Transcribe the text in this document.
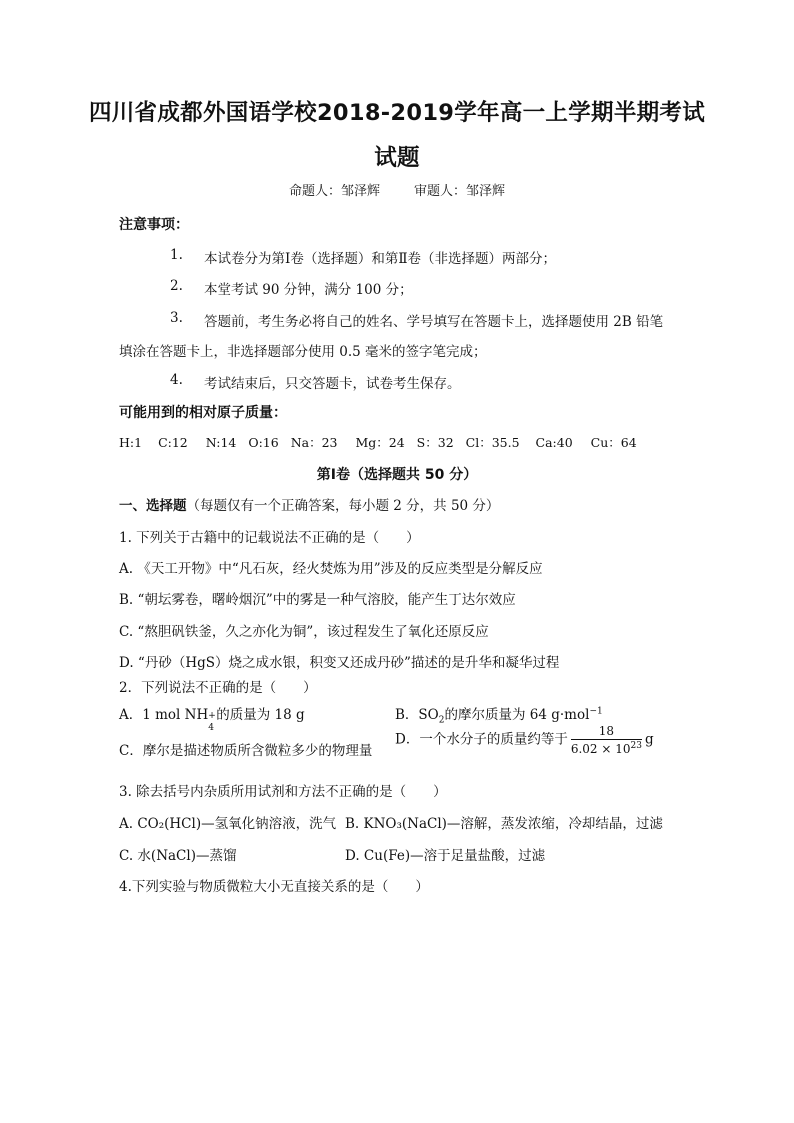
四川省成都外国语学校2018-2019学年高一上学期半期考试
试题
命题人：邹泽辉	审题人：邹泽辉
注意事项：
1. 本试卷分为第Ⅰ卷（选择题）和第Ⅱ卷（非选择题）两部分；
2. 本堂考试 90 分钟，满分 100 分；
3. 答题前，考生务必将自己的姓名、学号填写在答题卡上，选择题使用 2B 铅笔
填涂在答题卡上，非选择题部分使用 0.5 毫米的签字笔完成；
4. 考试结束后，只交答题卡，试卷考生保存。
可能用到的相对原子质量：
H:1 C:12 N:14 O:16 Na：23 Mg：24 S：32 Cl：35.5 Ca:40 Cu：64
第Ⅰ卷（选择题共 50 分）
一、选择题（每题仅有一个正确答案，每小题 2 分，共 50 分）
1. 下列关于古籍中的记载说法不正确的是（　　）
A. 《天工开物》中“凡石灰，经火焚炼为用”涉及的反应类型是分解反应
B. “朝坛雾卷，曙岭烟沉”中的雾是一种气溶胶，能产生丁达尔效应
C. “熬胆矾铁釜，久之亦化为铜”，该过程发生了氧化还原反应
D. “丹砂（HgS）烧之成水银，积变又还成丹砂”描述的是升华和凝华过程
2．下列说法不正确的是（　　）
A．1 mol NH +
4
的质量为 18 g	B．$SO_2$的摩尔质量为 64 g·mol$^{-1}$
C．摩尔是描述物质所含微粒多少的物理量
D．一个水分子的质量约等于 $\frac{18}{6.02 \times 10^{23}}$ g
3. 除去括号内杂质所用试剂和方法不正确的是（　　）
A. CO₂(HCl)—氢氧化钠溶液，洗气 B. KNO₃(NaCl)—溶解，蒸发浓缩，冷却结晶，过滤
C. 水(NaCl)—蒸馏	D. Cu(Fe)—溶于足量盐酸，过滤
4.下列实验与物质微粒大小无直接关系的是（　　）
